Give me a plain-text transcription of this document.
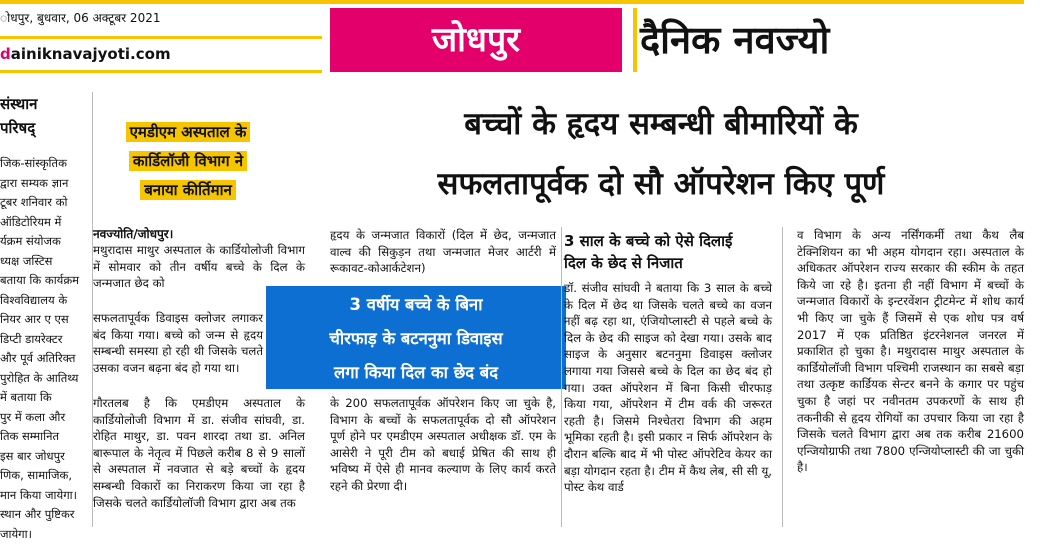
ोधपुर, बुधवार, 06 अक्टूबर 2021
dainiknavajyoti.com	जोधपुर	दैनिक नवज्यो
संस्थान
परिषद्
जिक-सांस्कृतिक
द्वारा सम्यक ज्ञान
टूबर शनिवार को
ऑडिटोरियम में
र्यक्रम संयोजक
ध्यक्ष जस्टिस
बताया कि कार्यक्रम
विश्वविद्यालय के
नियर आर ए एस
डिप्टी डायरेक्टर
और पूर्व अतिरिक्त
पुरोहित के आतिथ्य
में बताया कि
पुर में कला और
तिक सम्मानित
इस बार जोधपुर
णिक, सामाजिक,
मान किया जायेगा।
स्थान और पुष्टिकर
जायेगा।
एमडीएम अस्पताल के
कार्डिलॉजी विभाग ने
बनाया कीर्तिमान
बच्चों के हृदय सम्बन्धी बीमारियों के
सफलतापूर्वक दो सौ ऑपरेशन किए पूर्ण
नवज्योति/जोधपुर।
मथुरादास माथुर अस्पताल के कार्डियोलोजी विभाग में सोमवार को तीन वर्षीय बच्चे के दिल के जन्मजात छेद को
सफलतापूर्वक डिवाइस क्लोजर लगाकर बंद किया गया। बच्चे को जन्म से हृदय सम्बन्धी समस्या हो रही थी जिसके चलते उसका वजन बढ़ना बंद हो गया था।
गौरतलब है कि एमडीएम अस्पताल के कार्डियोलोजी विभाग में डा. संजीव सांघवी, डा. रोहित माथुर, डा. पवन शारदा तथा डा. अनिल बारूपाल के नेतृत्व में पिछले करीब 8 से 9 सालों से अस्पताल में नवजात से बड़े बच्चों के हृदय सम्बन्धी विकारों का निराकरण किया जा रहा है जिसके चलते कार्डियोलॉजी विभाग द्वारा अब तक
हृदय के जन्मजात विकारों (दिल में छेद, जन्मजात वाल्व की सिकुड़न तथा जन्मजात मेजर आर्टरी में रूकावट-कोआर्कटेशन)
3 वर्षीय बच्चे के बिना
चीरफाड़ के बटननुमा डिवाइस
लगा किया दिल का छेद बंद
के 200 सफलतापूर्वक ऑपरेशन किए जा चुके है, विभाग के बच्चों के सफलतापूर्वक दो सौ ऑपरेशन पूर्ण होने पर एमडीएम अस्पताल अधीक्षक डॉ. एम के आसेरी ने पूरी टीम को बधाई प्रेषित की साथ ही भविष्य में ऐसे ही मानव कल्याण के लिए कार्य करते रहने की प्रेरणा दी।
3 साल के बच्चे को ऐसे दिलाई
दिल के छेद से निजात
डॉ. संजीव सांघवी ने बताया कि 3 साल के बच्चे के दिल में छेद था जिसके चलते बच्चे का वजन नहीं बढ़ रहा था, एंजियोप्लास्टी से पहले बच्चे के दिल के छेद की साइज को देखा गया। उसके बाद साइज के अनुसार बटननुमा डिवाइस क्लोजर लगाया गया जिससे बच्चे के दिल का छेद बंद हो गया। उक्त ऑपरेशन में बिना किसी चीरफाड़ किया गया, ऑपरेशन में टीम वर्क की जरूरत रहती है। जिसमे निश्चेतरा विभाग की अहम भूमिका रहती है। इसी प्रकार न सिर्फ ऑपरेशन के दौरान बल्कि बाद में भी पोस्ट ऑपरेटिव केयर का बड़ा योगदान रहता है। टीम में कैथ लेब, सी सी यू, पोस्ट केथ वार्ड
व विभाग के अन्य नर्सिंगकर्मी तथा कैथ लैब टेक्निशियन का भी अहम योगदान रहा। अस्पताल के अधिकतर ऑपरेशन राज्य सरकार की स्कीम के तहत किये जा रहे है। इतना ही नहीं विभाग में बच्चों के जन्मजात विकारों के इन्टरवेंशन ट्रीटमेन्ट में शोध कार्य भी किए जा चुके हैं जिसमें से एक शोध पत्र वर्ष 2017 में एक प्रतिष्ठित इंटरनेशनल जनरल में प्रकाशित हो चुका है। मथुरादास माथुर अस्पताल के कार्डियोलॉजी विभाग पश्चिमी राजस्थान का सबसे बड़ा तथा उत्कृष्ट कार्डियक सेन्टर बनने के कगार पर पहुंच चुका है जहां पर नवीनतम उपकरणों के साथ ही तकनीकी से हृदय रोगियों का उपचार किया जा रहा है जिसके चलते विभाग द्वारा अब तक करीब 21600 एन्जियोग्राफी तथा 7800 एन्जियोप्लास्टी की जा चुकी है।
